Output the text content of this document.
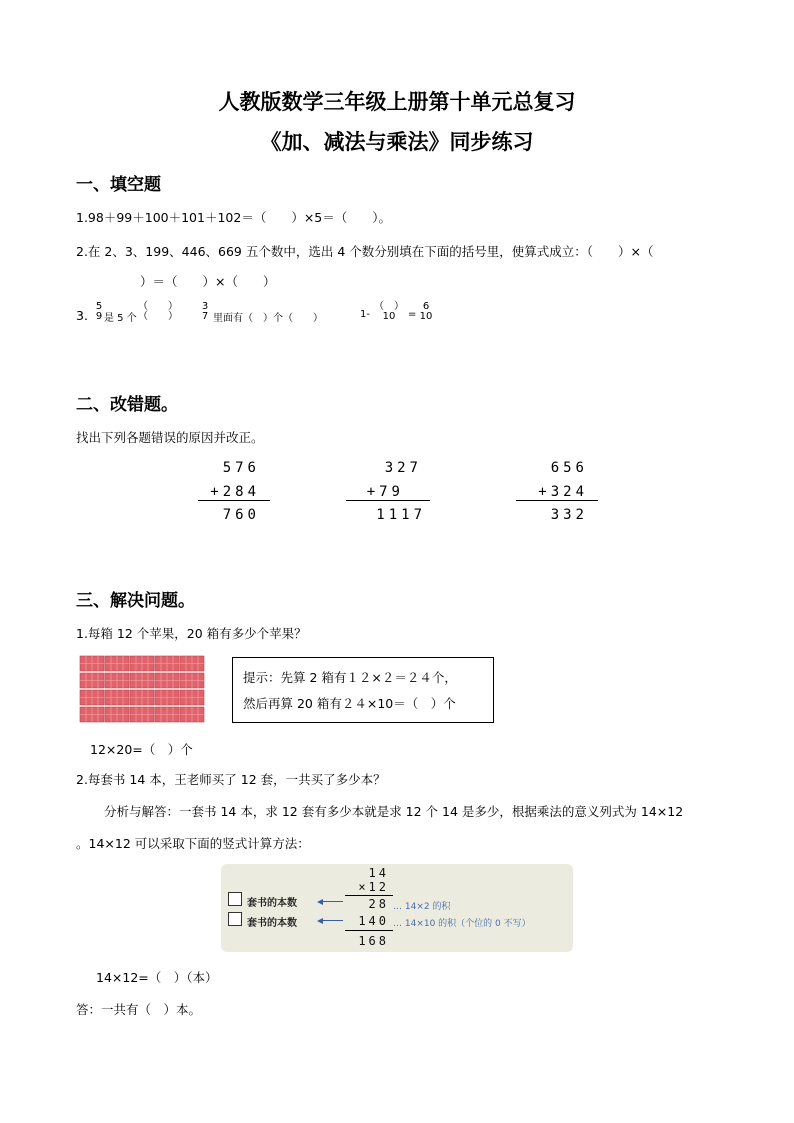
人教版数学三年级上册第十单元总复习
《加、减法与乘法》同步练习
一、填空题
1.98＋99＋100＋101＋102＝（　　）×5＝（　　）。
2.在 2、3、199、446、669 五个数中，选出 4 个数分别填在下面的括号里，使算式成立：（　　）×（
）＝（　　）×（　　）
3.
5
9 是 5 个
（　　）
（　　）
3
7 里面有（　）个（　　）	1-
（　）
10	=
6
10
二、改错题。
找出下列各题错误的原因并改正。
576
+284
760
327
+79
1117
656
+324
332
三、解决问题。
1.每箱 12 个苹果，20 箱有多少个苹果？
提示：先算 2 箱有１２×２＝２４个，
然后再算 20 箱有２４×10＝（　）个
12×20=（　）个
2.每套书 14 本，王老师买了 12 套，一共买了多少本？
分析与解答：一套书 14 本，求 12 套有多少本就是求 12 个 14 是多少，根据乘法的意义列式为 14×12
。14×12 可以采取下面的竖式计算方法：
14
×12
28
140
168
套书的本数
套书的本数
… 14×2 的积
… 14×10 的积（个位的 0 不写）
14×12=（　）（本）
答：一共有（　）本。
